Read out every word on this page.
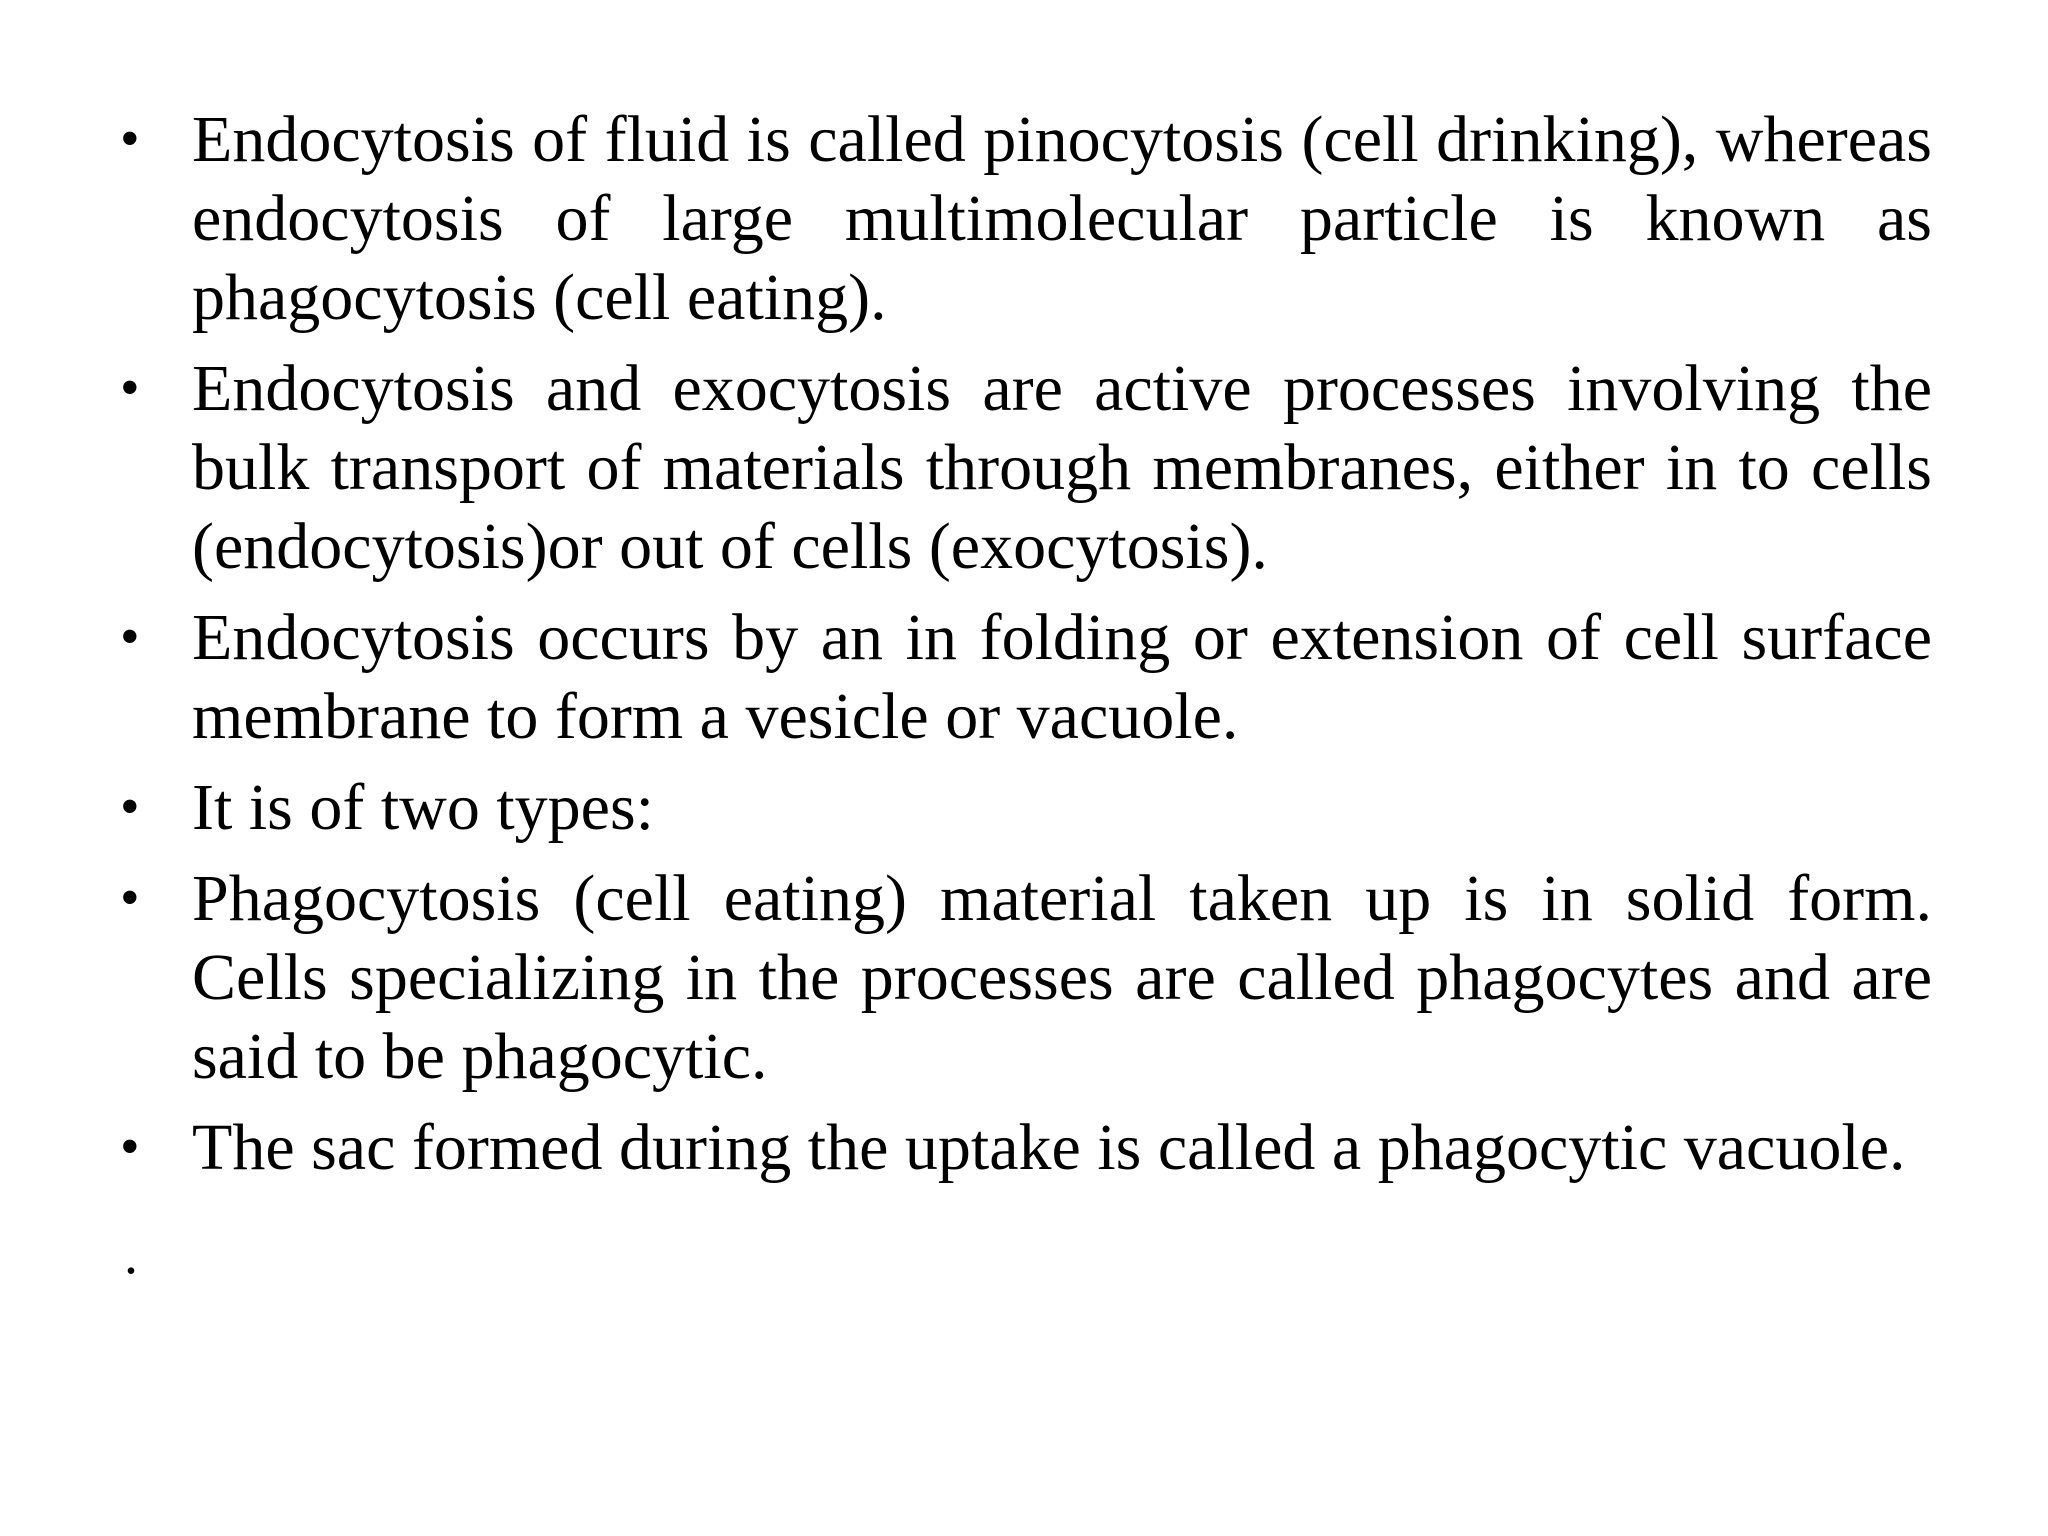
• Endocytosis of fluid is called pinocytosis (cell drinking), whereas endocytosis of large multimolecular particle is known as phagocytosis (cell eating).
• Endocytosis and exocytosis are active processes involving the bulk transport of materials through membranes, either in to cells (endocytosis)or out of cells (exocytosis).
• Endocytosis occurs by an in folding or extension of cell surface membrane to form a vesicle or vacuole.
• It is of two types:
• Phagocytosis (cell eating) material taken up is in solid form. Cells specializing in the processes are called phagocytes and are said to be phagocytic.
• The sac formed during the uptake is called a phagocytic vacuole.
.
